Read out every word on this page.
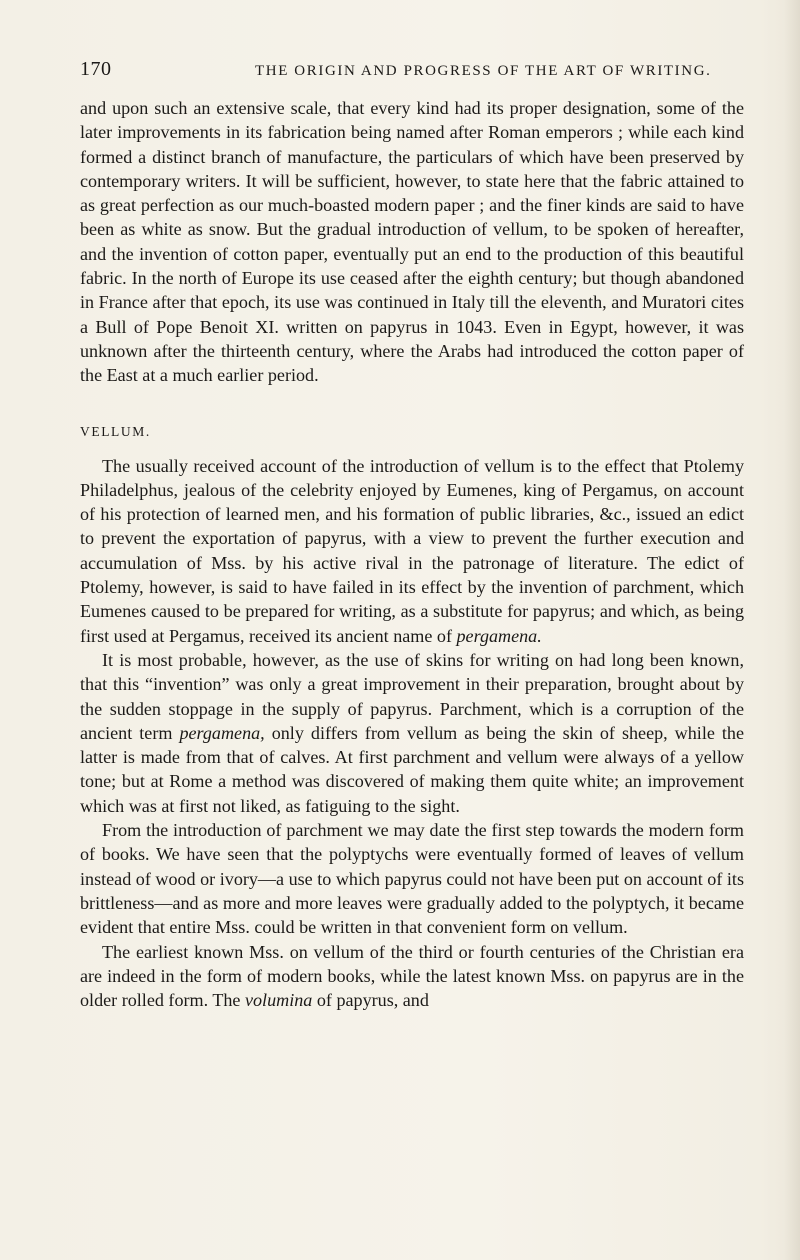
170	THE ORIGIN AND PROGRESS OF THE ART OF WRITING.

and upon such an extensive scale, that every kind had its proper designation, some of the later improvements in its fabrication being named after Roman emperors ; while each kind formed a distinct branch of manufacture, the particulars of which have been preserved by contemporary writers. It will be sufficient, however, to state here that the fabric attained to as great perfection as our much-boasted modern paper ; and the finer kinds are said to have been as white as snow. But the gradual introduction of vellum, to be spoken of hereafter, and the invention of cotton paper, eventually put an end to the production of this beautiful fabric. In the north of Europe its use ceased after the eighth century; but though abandoned in France after that epoch, its use was continued in Italy till the eleventh, and Muratori cites a Bull of Pope Benoit XI. written on papyrus in 1043. Even in Egypt, however, it was unknown after the thirteenth century, where the Arabs had introduced the cotton paper of the East at a much earlier period.

VELLUM.

The usually received account of the introduction of vellum is to the effect that Ptolemy Philadelphus, jealous of the celebrity enjoyed by Eumenes, king of Pergamus, on account of his protection of learned men, and his formation of public libraries, &c., issued an edict to prevent the exportation of papyrus, with a view to prevent the further execution and accumulation of Mss. by his active rival in the patronage of literature. The edict of Ptolemy, however, is said to have failed in its effect by the invention of parchment, which Eumenes caused to be prepared for writing, as a substitute for papyrus; and which, as being first used at Pergamus, received its ancient name of pergamena.

It is most probable, however, as the use of skins for writing on had long been known, that this “invention” was only a great improvement in their preparation, brought about by the sudden stoppage in the supply of papyrus. Parchment, which is a corruption of the ancient term pergamena, only differs from vellum as being the skin of sheep, while the latter is made from that of calves. At first parchment and vellum were always of a yellow tone; but at Rome a method was discovered of making them quite white; an improvement which was at first not liked, as fatiguing to the sight.

From the introduction of parchment we may date the first step towards the modern form of books. We have seen that the polyptychs were eventually formed of leaves of vellum instead of wood or ivory—a use to which papyrus could not have been put on account of its brittleness—and as more and more leaves were gradually added to the polyptych, it became evident that entire Mss. could be written in that convenient form on vellum.

The earliest known Mss. on vellum of the third or fourth centuries of the Christian era are indeed in the form of modern books, while the latest known Mss. on papyrus are in the older rolled form. The volumina of papyrus, and
